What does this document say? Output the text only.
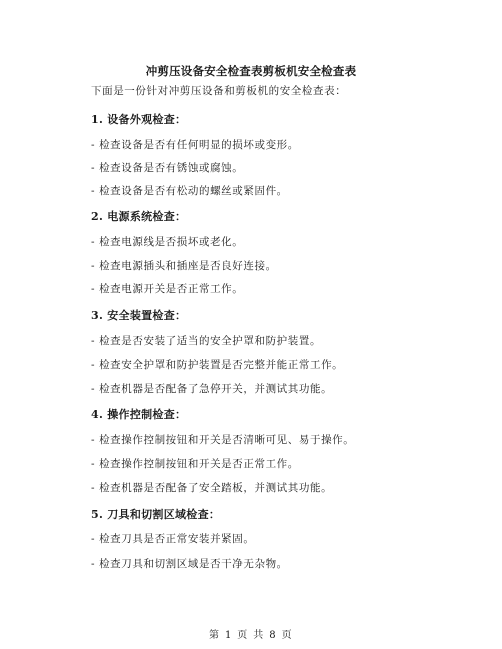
冲剪压设备安全检查表剪板机安全检查表
下面是一份针对冲剪压设备和剪板机的安全检查表：
1. 设备外观检查：
- 检查设备是否有任何明显的损坏或变形。
- 检查设备是否有锈蚀或腐蚀。
- 检查设备是否有松动的螺丝或紧固件。
2. 电源系统检查：
- 检查电源线是否损坏或老化。
- 检查电源插头和插座是否良好连接。
- 检查电源开关是否正常工作。
3. 安全装置检查：
- 检查是否安装了适当的安全护罩和防护装置。
- 检查安全护罩和防护装置是否完整并能正常工作。
- 检查机器是否配备了急停开关，并测试其功能。
4. 操作控制检查：
- 检查操作控制按钮和开关是否清晰可见、易于操作。
- 检查操作控制按钮和开关是否正常工作。
- 检查机器是否配备了安全踏板，并测试其功能。
5. 刀具和切割区域检查：
- 检查刀具是否正常安装并紧固。
- 检查刀具和切割区域是否干净无杂物。
第 1 页 共 8 页
